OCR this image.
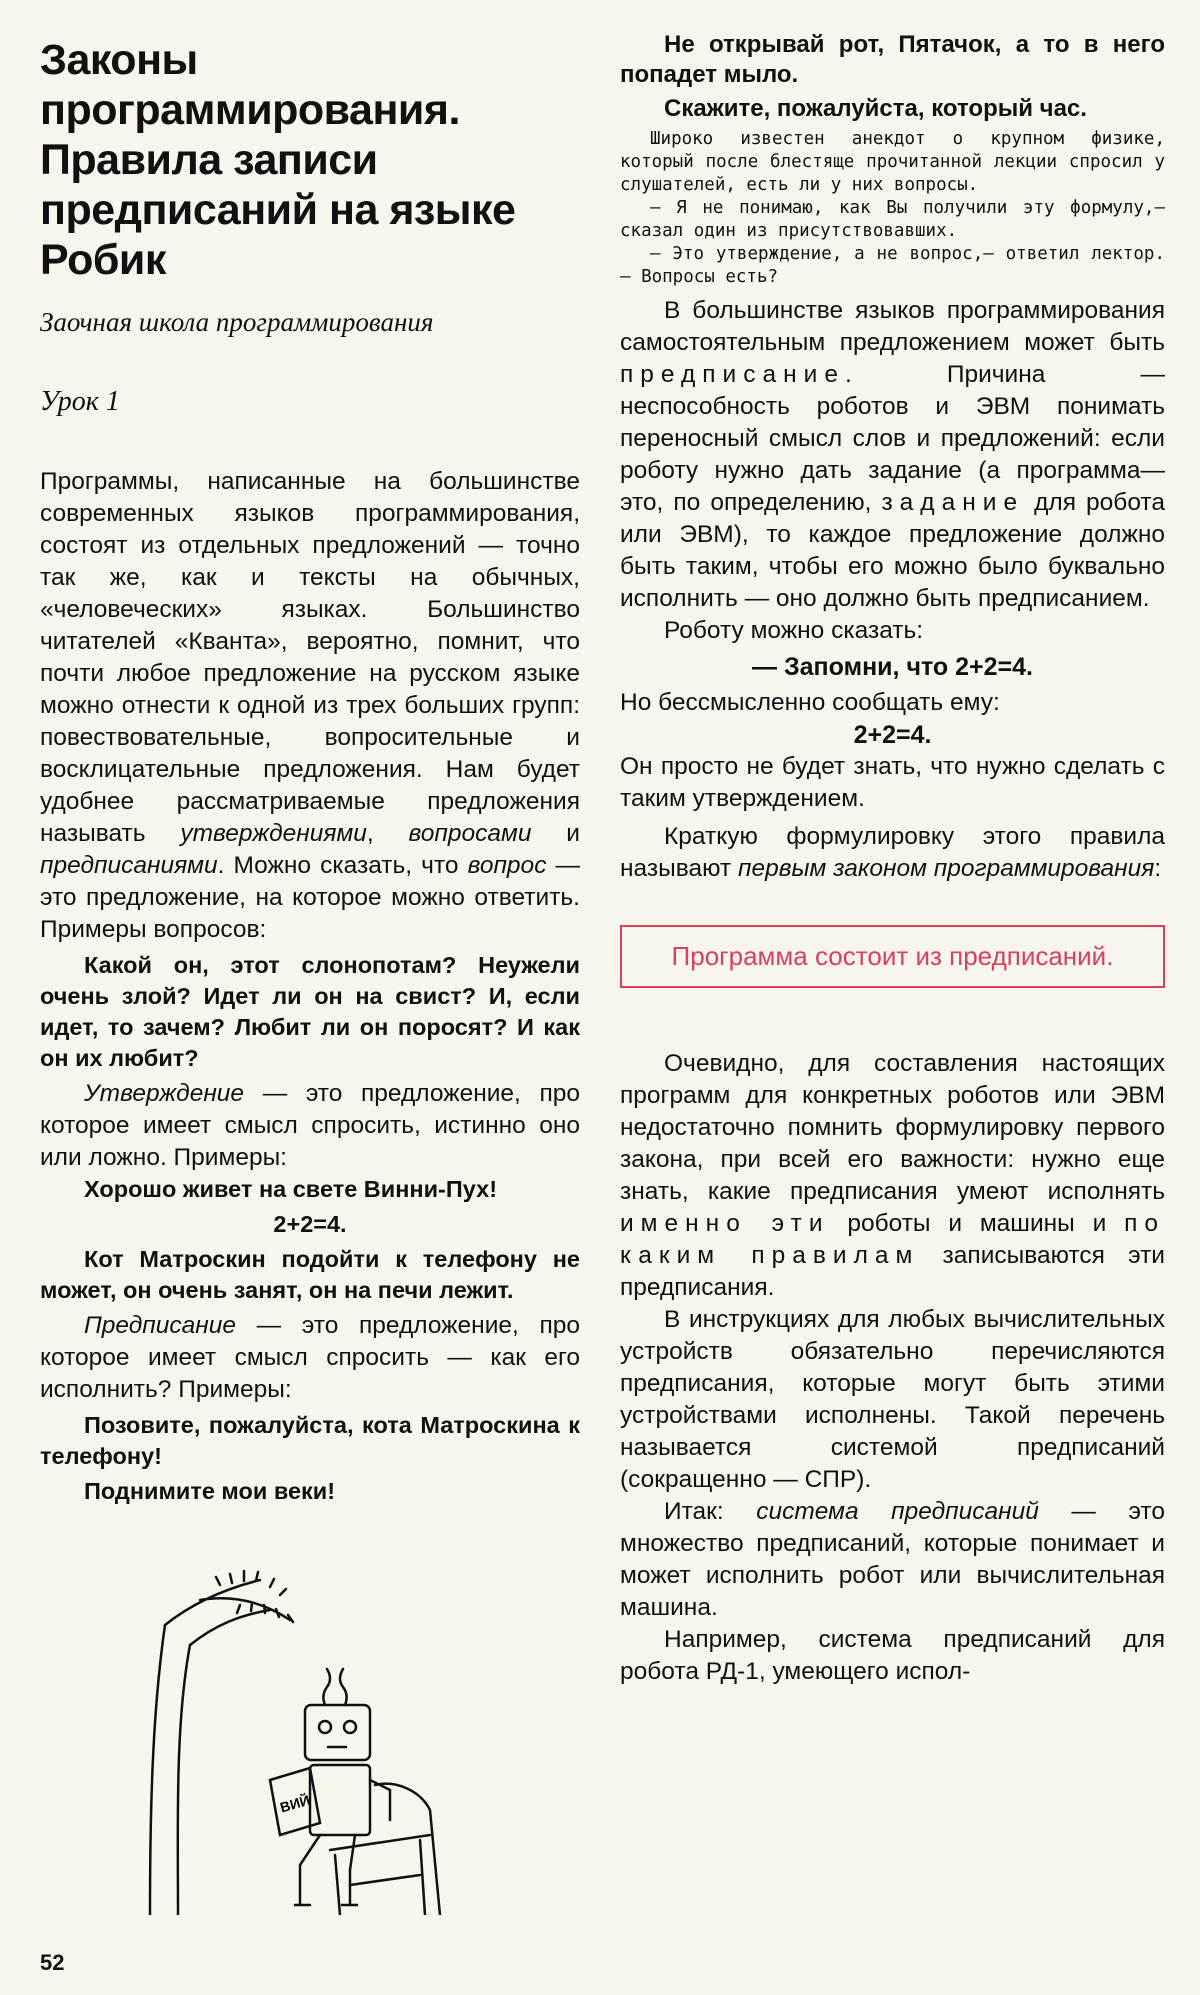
Законы программирования. Правила записи предписаний на языке Робик
Заочная школа программирования
Урок 1

Программы, написанные на большинстве современных языков программирования, состоят из отдельных предложений — точно так же, как и тексты на обычных, «человеческих» языках. Большинство читателей «Кванта», вероятно, помнит, что почти любое предложение на русском языке можно отнести к одной из трех больших групп: повествовательные, вопросительные и восклицательные предложения. Нам будет удобнее рассматриваемые предложения называть утверждениями, вопросами и предписаниями. Можно сказать, что вопрос — это предложение, на которое можно ответить. Примеры вопросов:

Какой он, этот слонопотам? Неужели очень злой? Идет ли он на свист? И, если идет, то зачем? Любит ли он поросят? И как он их любит?

Утверждение — это предложение, про которое имеет смысл спросить, истинно оно или ложно. Примеры:

Хорошо живет на свете Винни-Пух!

2+2=4.

Кот Матроскин подойти к телефону не может, он очень занят, он на печи лежит.

Предписание — это предложение, про которое имеет смысл спросить — как его исполнить? Примеры:

Позовите, пожалуйста, кота Матроскина к телефону!

Поднимите мои веки!

ВИЙ

Не открывай рот, Пятачок, а то в него попадет мыло.

Скажите, пожалуйста, который час.

Широко известен анекдот о крупном физике, который после блестяще прочитанной лекции спросил у слушателей, есть ли у них вопросы.

— Я не понимаю, как Вы получили эту формулу,— сказал один из присутствовавших.

— Это утверждение, а не вопрос,— ответил лектор.— Вопросы есть?

В большинстве языков программирования самостоятельным предложением может быть предписание. Причина — неспособность роботов и ЭВМ понимать переносный смысл слов и предложений: если роботу нужно дать задание (а программа— это, по определению, задание для робота или ЭВМ), то каждое предложение должно быть таким, чтобы его можно было буквально исполнить — оно должно быть предписанием.

Роботу можно сказать:

— Запомни, что 2+2=4.

Но бессмысленно сообщать ему:

2+2=4.

Он просто не будет знать, что нужно сделать с таким утверждением.

Краткую формулировку этого правила называют первым законом программирования:

Программа состоит из предписаний.

Очевидно, для составления настоящих программ для конкретных роботов или ЭВМ недостаточно помнить формулировку первого закона, при всей его важности: нужно еще знать, какие предписания умеют исполнять именно эти роботы и машины и по каким правилам записываются эти предписания.

В инструкциях для любых вычислительных устройств обязательно перечисляются предписания, которые могут быть этими устройствами исполнены. Такой перечень называется системой предписаний (сокращенно — СПР).

Итак: система предписаний — это множество предписаний, которые понимает и может исполнить робот или вычислительная машина.

Например, система предписаний для робота РД-1, умеющего испол-

52
